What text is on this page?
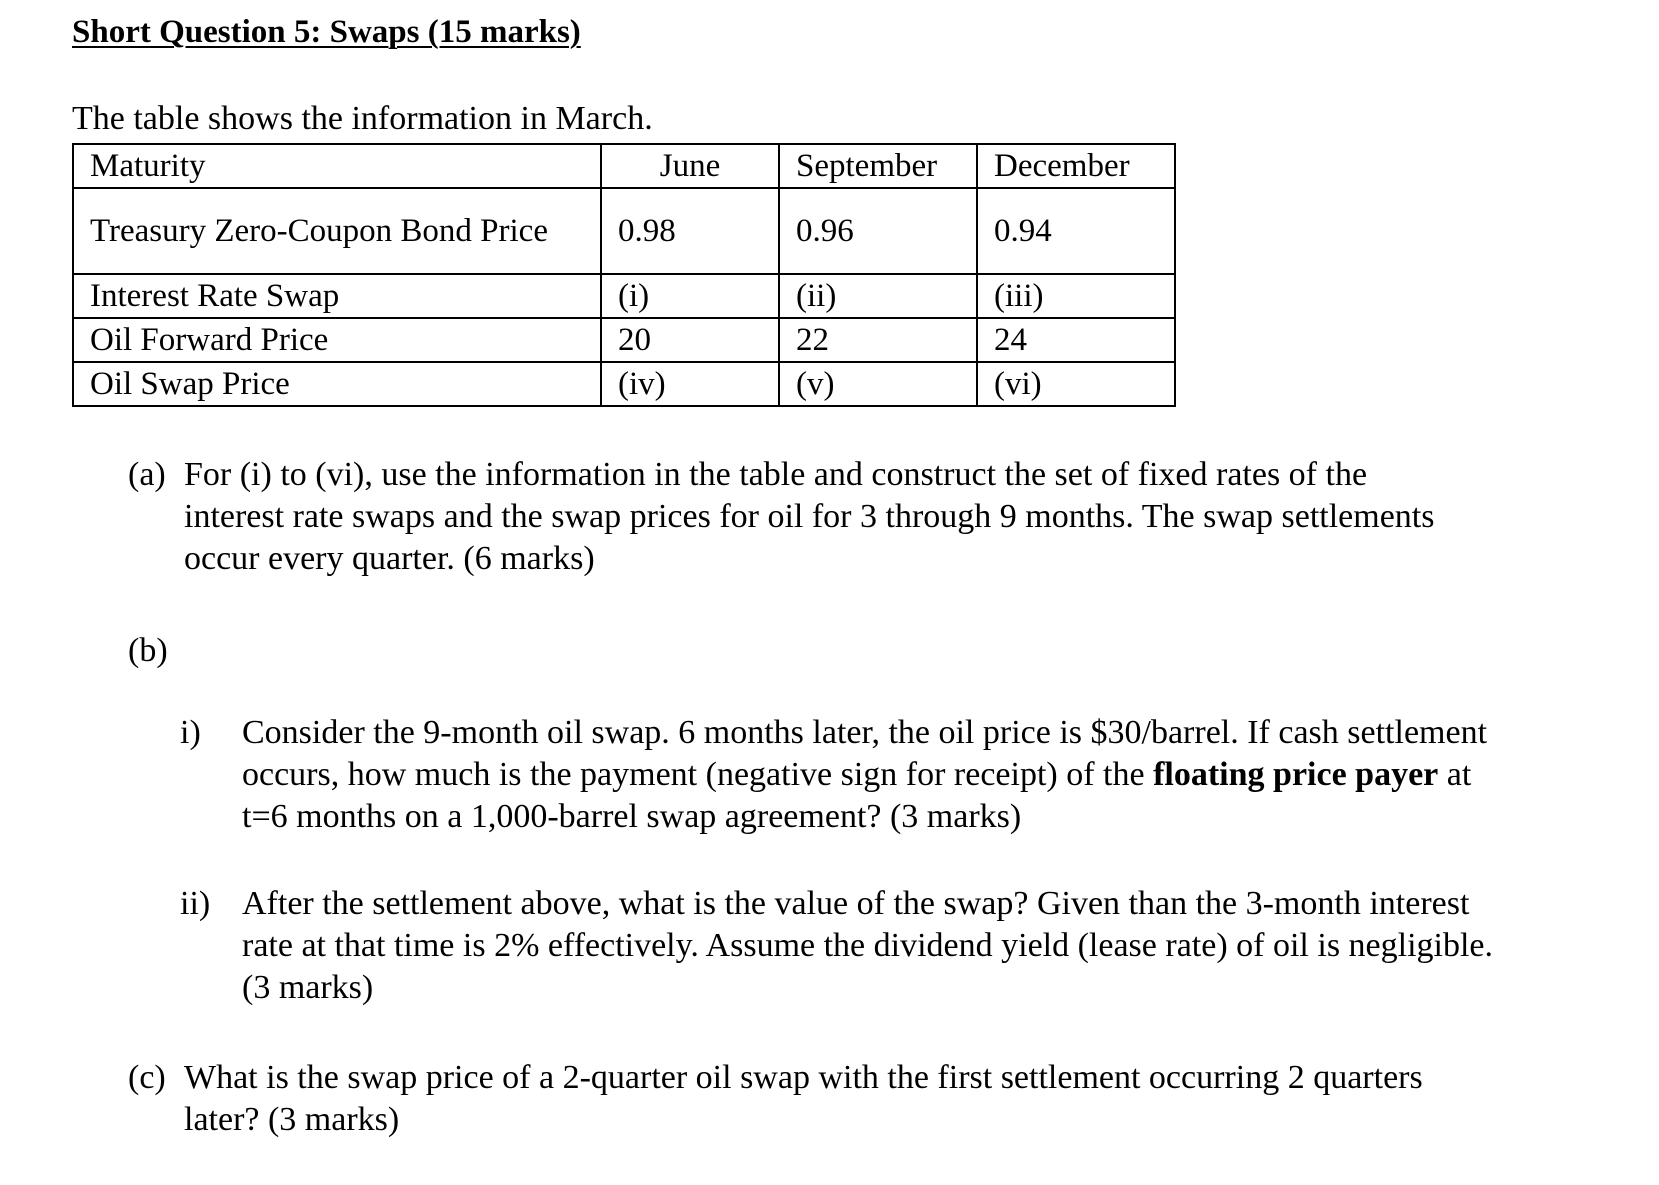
Short Question 5: Swaps (15 marks)
The table shows the information in March.
Maturity	June	September	December
Treasury Zero-Coupon Bond Price	0.98	0.96	0.94
Interest Rate Swap	(i)	(ii)	(iii)
Oil Forward Price	20	22	24
Oil Swap Price	(iv)	(v)	(vi)
(a) For (i) to (vi), use the information in the table and construct the set of fixed rates of the interest rate swaps and the swap prices for oil for 3 through 9 months. The swap settlements occur every quarter. (6 marks)
(b)
i) Consider the 9-month oil swap. 6 months later, the oil price is $30/barrel. If cash settlement occurs, how much is the payment (negative sign for receipt) of the floating price payer at t=6 months on a 1,000-barrel swap agreement? (3 marks)
ii) After the settlement above, what is the value of the swap? Given than the 3-month interest rate at that time is 2% effectively. Assume the dividend yield (lease rate) of oil is negligible. (3 marks)
(c) What is the swap price of a 2-quarter oil swap with the first settlement occurring 2 quarters later? (3 marks)
